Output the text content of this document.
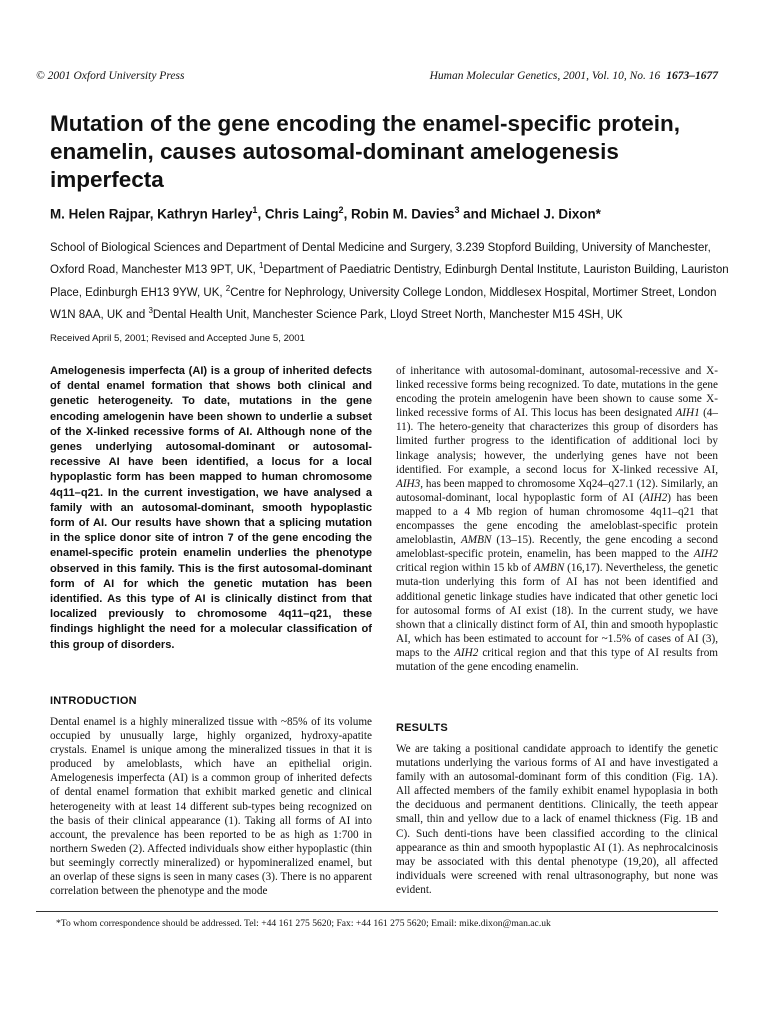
© 2001 Oxford University Press	Human Molecular Genetics, 2001, Vol. 10, No. 16 1673–1677
Mutation of the gene encoding the enamel-specific protein, enamelin, causes autosomal-dominant amelogenesis imperfecta

M. Helen Rajpar, Kathryn Harley$^1$, Chris Laing$^2$, Robin M. Davies$^3$ and Michael J. Dixon*

School of Biological Sciences and Department of Dental Medicine and Surgery, 3.239 Stopford Building, University of Manchester, Oxford Road, Manchester M13 9PT, UK, $^1$Department of Paediatric Dentistry, Edinburgh Dental Institute, Lauriston Building, Lauriston Place, Edinburgh EH13 9YW, UK, $^2$Centre for Nephrology, University College London, Middlesex Hospital, Mortimer Street, London W1N 8AA, UK and $^3$Dental Health Unit, Manchester Science Park, Lloyd Street North, Manchester M15 4SH, UK

Received April 5, 2001; Revised and Accepted June 5, 2001

Amelogenesis imperfecta (AI) is a group of inherited defects of dental enamel formation that shows both clinical and genetic heterogeneity. To date, mutations in the gene encoding amelogenin have been shown to underlie a subset of the X-linked recessive forms of AI. Although none of the genes underlying autosomal-dominant or autosomal-recessive AI have been identified, a locus for a local hypoplastic form has been mapped to human chromosome 4q11–q21. In the current investigation, we have analysed a family with an autosomal-dominant, smooth hypoplastic form of AI. Our results have shown that a splicing mutation in the splice donor site of intron 7 of the gene encoding the enamel-specific protein enamelin underlies the phenotype observed in this family. This is the first autosomal-dominant form of AI for which the genetic mutation has been identified. As this type of AI is clinically distinct from that localized previously to chromosome 4q11–q21, these findings highlight the need for a molecular classification of this group of disorders.

INTRODUCTION

Dental enamel is a highly mineralized tissue with ~85% of its volume occupied by unusually large, highly organized, hydroxy-apatite crystals. Enamel is unique among the mineralized tissues in that it is produced by ameloblasts, which have an epithelial origin. Amelogenesis imperfecta (AI) is a common group of inherited defects of dental enamel formation that exhibit marked genetic and clinical heterogeneity with at least 14 different sub-types being recognized on the basis of their clinical appearance (1). Taking all forms of AI into account, the prevalence has been reported to be as high as 1:700 in northern Sweden (2). Affected individuals show either hypoplastic (thin but seemingly correctly mineralized) or hypomineralized enamel, but an overlap of these signs is seen in many cases (3). There is no apparent correlation between the phenotype and the mode

of inheritance with autosomal-dominant, autosomal-recessive and X-linked recessive forms being recognized. To date, mutations in the gene encoding the protein amelogenin have been shown to cause some X-linked recessive forms of AI. This locus has been designated AIH1 (4–11). The hetero-geneity that characterizes this group of disorders has limited further progress to the identification of additional loci by linkage analysis; however, the underlying genes have not been identified. For example, a second locus for X-linked recessive AI, AIH3, has been mapped to chromosome Xq24–q27.1 (12). Similarly, an autosomal-dominant, local hypoplastic form of AI (AIH2) has been mapped to a 4 Mb region of human chromosome 4q11–q21 that encompasses the gene encoding the ameloblast-specific protein ameloblastin, AMBN (13–15). Recently, the gene encoding a second ameloblast-specific protein, enamelin, has been mapped to the AIH2 critical region within 15 kb of AMBN (16,17). Nevertheless, the genetic muta-tion underlying this form of AI has not been identified and additional genetic linkage studies have indicated that other genetic loci for autosomal forms of AI exist (18). In the current study, we have shown that a clinically distinct form of AI, thin and smooth hypoplastic AI, which has been estimated to account for ~1.5% of cases of AI (3), maps to the AIH2 critical region and that this type of AI results from mutation of the gene encoding enamelin.

RESULTS

We are taking a positional candidate approach to identify the genetic mutations underlying the various forms of AI and have investigated a family with an autosomal-dominant form of this condition (Fig. 1A). All affected members of the family exhibit enamel hypoplasia in both the deciduous and permanent dentitions. Clinically, the teeth appear small, thin and yellow due to a lack of enamel thickness (Fig. 1B and C). Such denti-tions have been classified according to the clinical appearance as thin and smooth hypoplastic AI (1). As nephrocalcinosis may be associated with this dental phenotype (19,20), all affected individuals were screened with renal ultrasonography, but none was evident.

*To whom correspondence should be addressed. Tel: +44 161 275 5620; Fax: +44 161 275 5620; Email: mike.dixon@man.ac.uk
